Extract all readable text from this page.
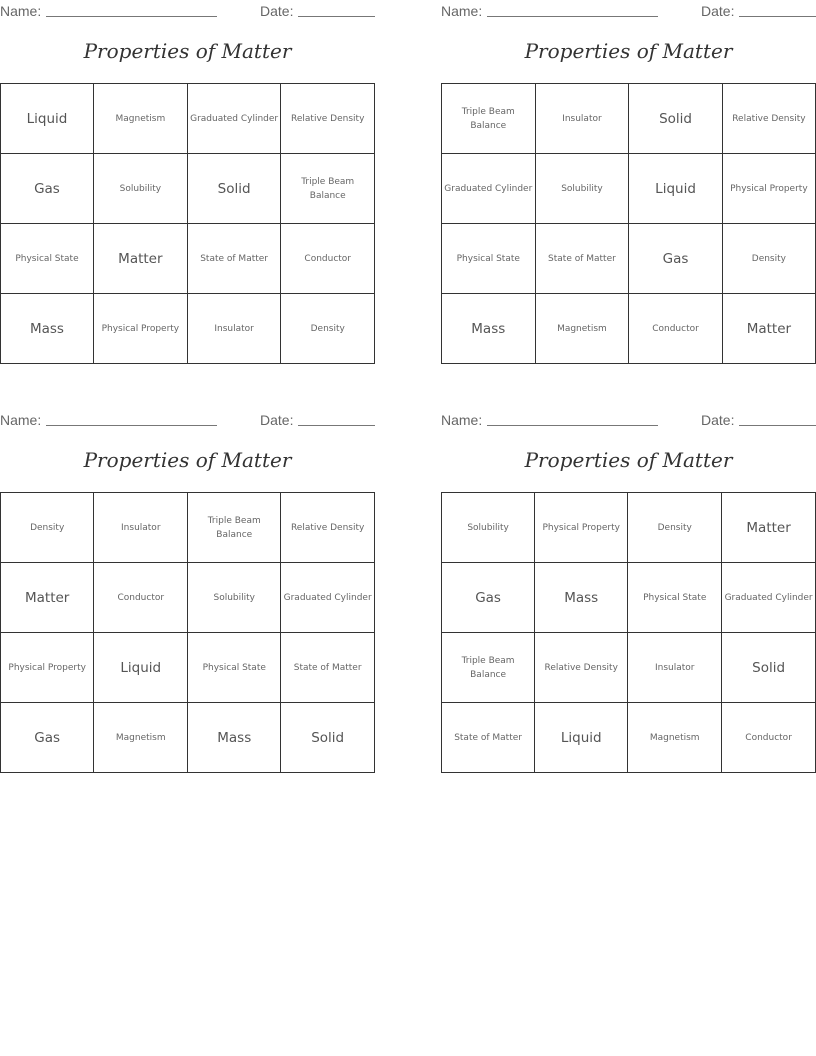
Name:	Date:
Properties of Matter
Liquid	Magnetism	Graduated Cylinder	Relative Density
Gas	Solubility	Solid	Triple Beam Balance
Physical State	Matter	State of Matter	Conductor
Mass	Physical Property	Insulator	Density
Name:	Date:
Properties of Matter
Triple Beam Balance	Insulator	Solid	Relative Density
Graduated Cylinder	Solubility	Liquid	Physical Property
Physical State	State of Matter	Gas	Density
Mass	Magnetism	Conductor	Matter
Name:	Date:
Properties of Matter
Density	Insulator	Triple Beam Balance	Relative Density
Matter	Conductor	Solubility	Graduated Cylinder
Physical Property	Liquid	Physical State	State of Matter
Gas	Magnetism	Mass	Solid
Name:	Date:
Properties of Matter
Solubility	Physical Property	Density	Matter
Gas	Mass	Physical State	Graduated Cylinder
Triple Beam Balance	Relative Density	Insulator	Solid
State of Matter	Liquid	Magnetism	Conductor
